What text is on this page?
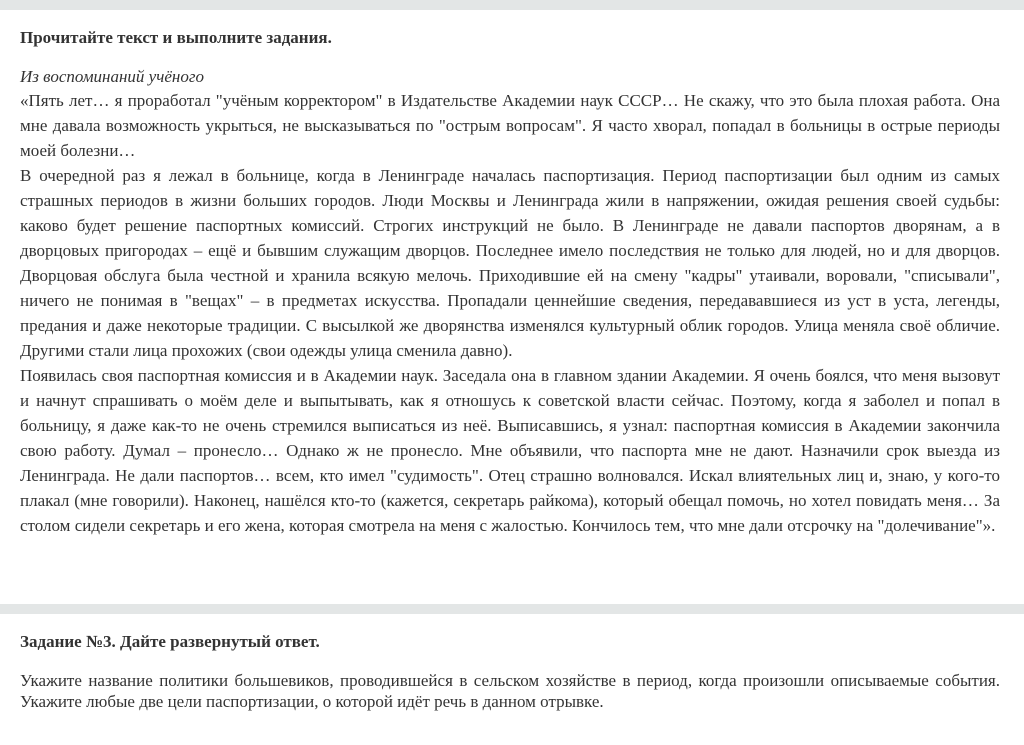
Прочитайте текст и выполните задания.

Из воспоминаний учёного

«Пять лет… я проработал "учёным корректором" в Издательстве Академии наук СССР… Не скажу, что это была плохая работа. Она мне давала возможность укрыться, не высказываться по "острым вопросам". Я часто хворал, попадал в больницы в острые периоды моей болезни…

В очередной раз я лежал в больнице, когда в Ленинграде началась паспортизация. Период паспортизации был одним из самых страшных периодов в жизни больших городов. Люди Москвы и Ленинграда жили в напряжении, ожидая решения своей судьбы: каково будет решение паспортных комиссий. Строгих инструкций не было. В Ленинграде не давали паспортов дворянам, а в дворцовых пригородах – ещё и бывшим служащим дворцов. Последнее имело последствия не только для людей, но и для дворцов. Дворцовая обслуга была честной и хранила всякую мелочь. Приходившие ей на смену "кадры" утаивали, воровали, "списывали", ничего не понимая в "вещах" – в предметах искусства. Пропадали ценнейшие сведения, передававшиеся из уст в уста, легенды, предания и даже некоторые традиции. С высылкой же дворянства изменялся культурный облик городов. Улица меняла своё обличие. Другими стали лица прохожих (свои одежды улица сменила давно).

Появилась своя паспортная комиссия и в Академии наук. Заседала она в главном здании Академии. Я очень боялся, что меня вызовут и начнут спрашивать о моём деле и выпытывать, как я отношусь к советской власти сейчас. Поэтому, когда я заболел и попал в больницу, я даже как-то не очень стремился выписаться из неё. Выписавшись, я узнал: паспортная комиссия в Академии закончила свою работу. Думал – пронесло… Однако ж не пронесло. Мне объявили, что паспорта мне не дают. Назначили срок выезда из Ленинграда. Не дали паспортов… всем, кто имел "судимость". Отец страшно волновался. Искал влиятельных лиц и, знаю, у кого-то плакал (мне говорили). Наконец, нашёлся кто-то (кажется, секретарь райкома), который обещал помочь, но хотел повидать меня… За столом сидели секретарь и его жена, которая смотрела на меня с жалостью. Кончилось тем, что мне дали отсрочку на "долечивание"».

Задание №3. Дайте развернутый ответ.

Укажите название политики большевиков, проводившейся в сельском хозяйстве в период, когда произошли описываемые события. Укажите любые две цели паспортизации, о которой идёт речь в данном отрывке.
